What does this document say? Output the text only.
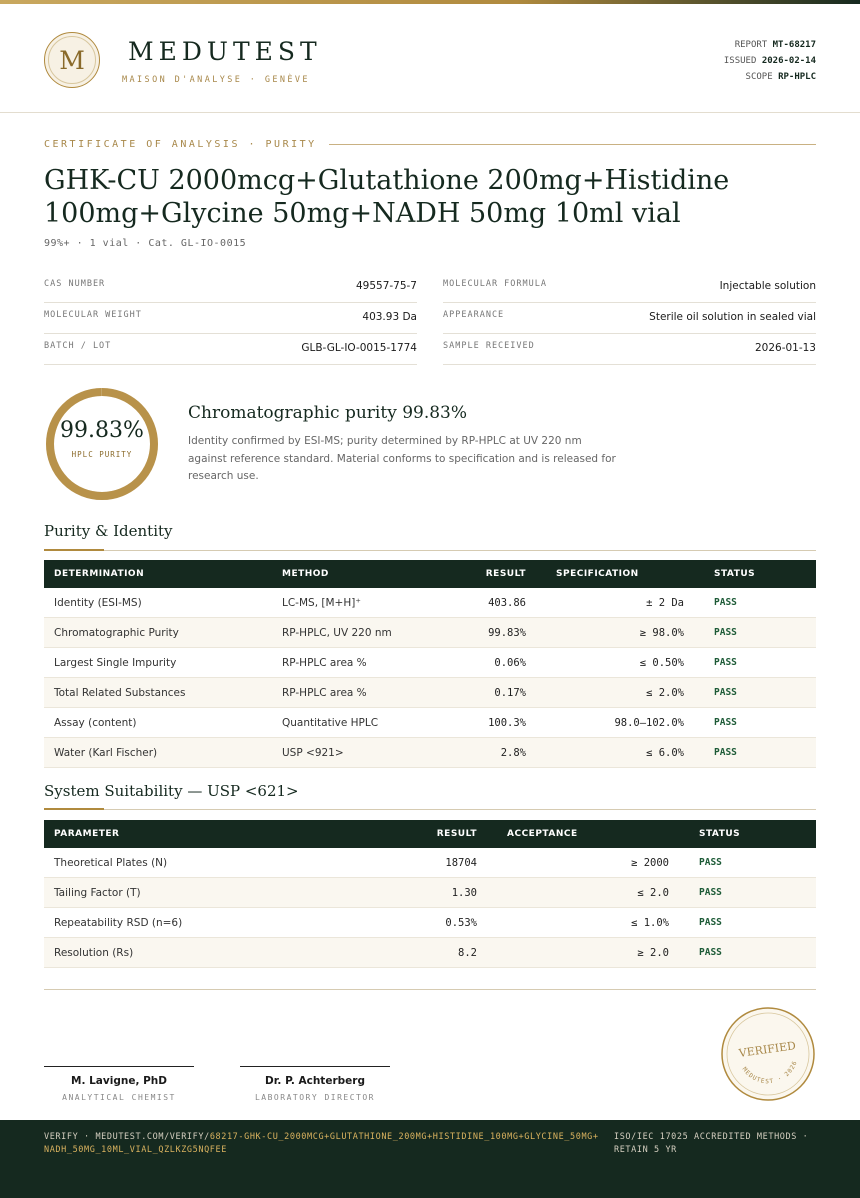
M	MEDUTEST
MAISON D'ANALYSE · GENÈVE
REPORT MT-68217
ISSUED 2026-02-14
SCOPE RP-HPLC
CERTIFICATE OF ANALYSIS · PURITY
GHK-CU 2000mcg+Glutathione 200mg+Histidine 100mg+Glycine 50mg+NADH 50mg 10ml vial
99%+ · 1 vial · Cat. GL-IO-0015
CAS NUMBER	49557-75-7	MOLECULAR FORMULA	Injectable solution
MOLECULAR WEIGHT	403.93 Da	APPEARANCE	Sterile oil solution in sealed vial
BATCH / LOT	GLB-GL-IO-0015-1774	SAMPLE RECEIVED	2026-01-13
99.83%
HPLC PURITY
Chromatographic purity 99.83%
Identity confirmed by ESI-MS; purity determined by RP-HPLC at UV 220 nm against reference standard. Material conforms to specification and is released for research use.
Purity & Identity
DETERMINATION	METHOD	RESULT	SPECIFICATION	STATUS
Identity (ESI-MS)	LC-MS, [M+H]⁺	403.86	± 2 Da	PASS
Chromatographic Purity	RP-HPLC, UV 220 nm	99.83%	≥ 98.0%	PASS
Largest Single Impurity	RP-HPLC area %	0.06%	≤ 0.50%	PASS
Total Related Substances	RP-HPLC area %	0.17%	≤ 2.0%	PASS
Assay (content)	Quantitative HPLC	100.3%	98.0–102.0%	PASS
Water (Karl Fischer)	USP <921>	2.8%	≤ 6.0%	PASS
System Suitability — USP <621>
PARAMETER	RESULT	ACCEPTANCE	STATUS
Theoretical Plates (N)	18704	≥ 2000	PASS
Tailing Factor (T)	1.30	≤ 2.0	PASS
Repeatability RSD (n=6)	0.53%	≤ 1.0%	PASS
Resolution (Rs)	8.2	≥ 2.0	PASS
M. Lavigne, PhD
ANALYTICAL CHEMIST
Dr. P. Achterberg
LABORATORY DIRECTOR
VERIFIED
MEDUTEST · 2026
VERIFY · MEDUTEST.COM/VERIFY/68217-GHK-CU_2000MCG+GLUTATHIONE_200MG+HISTIDINE_100MG+GLYCINE_50MG+NADH_50MG_10ML_VIAL_QZLKZG5NQFEE
ISO/IEC 17025 ACCREDITED METHODS · RETAIN 5 YR
